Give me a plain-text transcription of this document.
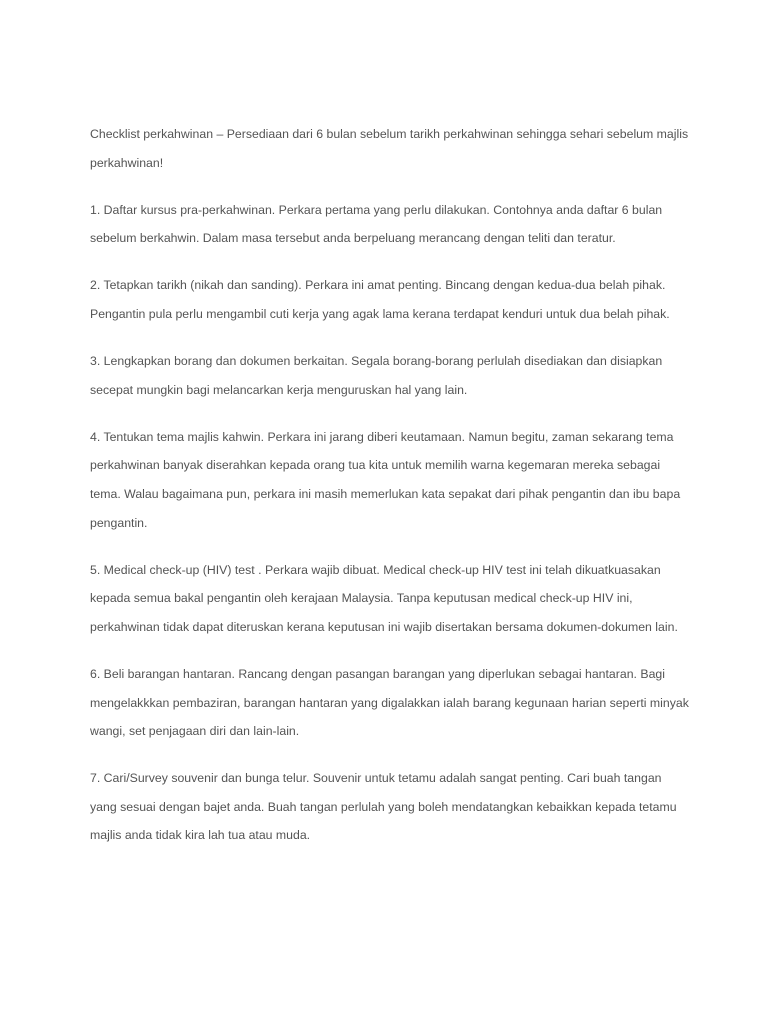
Checklist perkahwinan – Persediaan dari 6 bulan sebelum tarikh perkahwinan sehingga sehari sebelum majlis perkahwinan!

1. Daftar kursus pra-perkahwinan. Perkara pertama yang perlu dilakukan. Contohnya anda daftar 6 bulan sebelum berkahwin. Dalam masa tersebut anda berpeluang merancang dengan teliti dan teratur.

2. Tetapkan tarikh (nikah dan sanding). Perkara ini amat penting. Bincang dengan kedua-dua belah pihak. Pengantin pula perlu mengambil cuti kerja yang agak lama kerana terdapat kenduri untuk dua belah pihak.

3. Lengkapkan borang dan dokumen berkaitan. Segala borang-borang perlulah disediakan dan disiapkan secepat mungkin bagi melancarkan kerja menguruskan hal yang lain.

4. Tentukan tema majlis kahwin. Perkara ini jarang diberi keutamaan. Namun begitu, zaman sekarang tema perkahwinan banyak diserahkan kepada orang tua kita untuk memilih warna kegemaran mereka sebagai tema. Walau bagaimana pun, perkara ini masih memerlukan kata sepakat dari pihak pengantin dan ibu bapa pengantin.

5. Medical check-up (HIV) test . Perkara wajib dibuat. Medical check-up HIV test ini telah dikuatkuasakan kepada semua bakal pengantin oleh kerajaan Malaysia. Tanpa keputusan medical check-up HIV ini, perkahwinan tidak dapat diteruskan kerana keputusan ini wajib disertakan bersama dokumen-dokumen lain.

6. Beli barangan hantaran. Rancang dengan pasangan barangan yang diperlukan sebagai hantaran. Bagi mengelakkkan pembaziran, barangan hantaran yang digalakkan ialah barang kegunaan harian seperti minyak wangi, set penjagaan diri dan lain-lain.

7. Cari/Survey souvenir dan bunga telur. Souvenir untuk tetamu adalah sangat penting. Cari buah tangan yang sesuai dengan bajet anda. Buah tangan perlulah yang boleh mendatangkan kebaikkan kepada tetamu majlis anda tidak kira lah tua atau muda.
